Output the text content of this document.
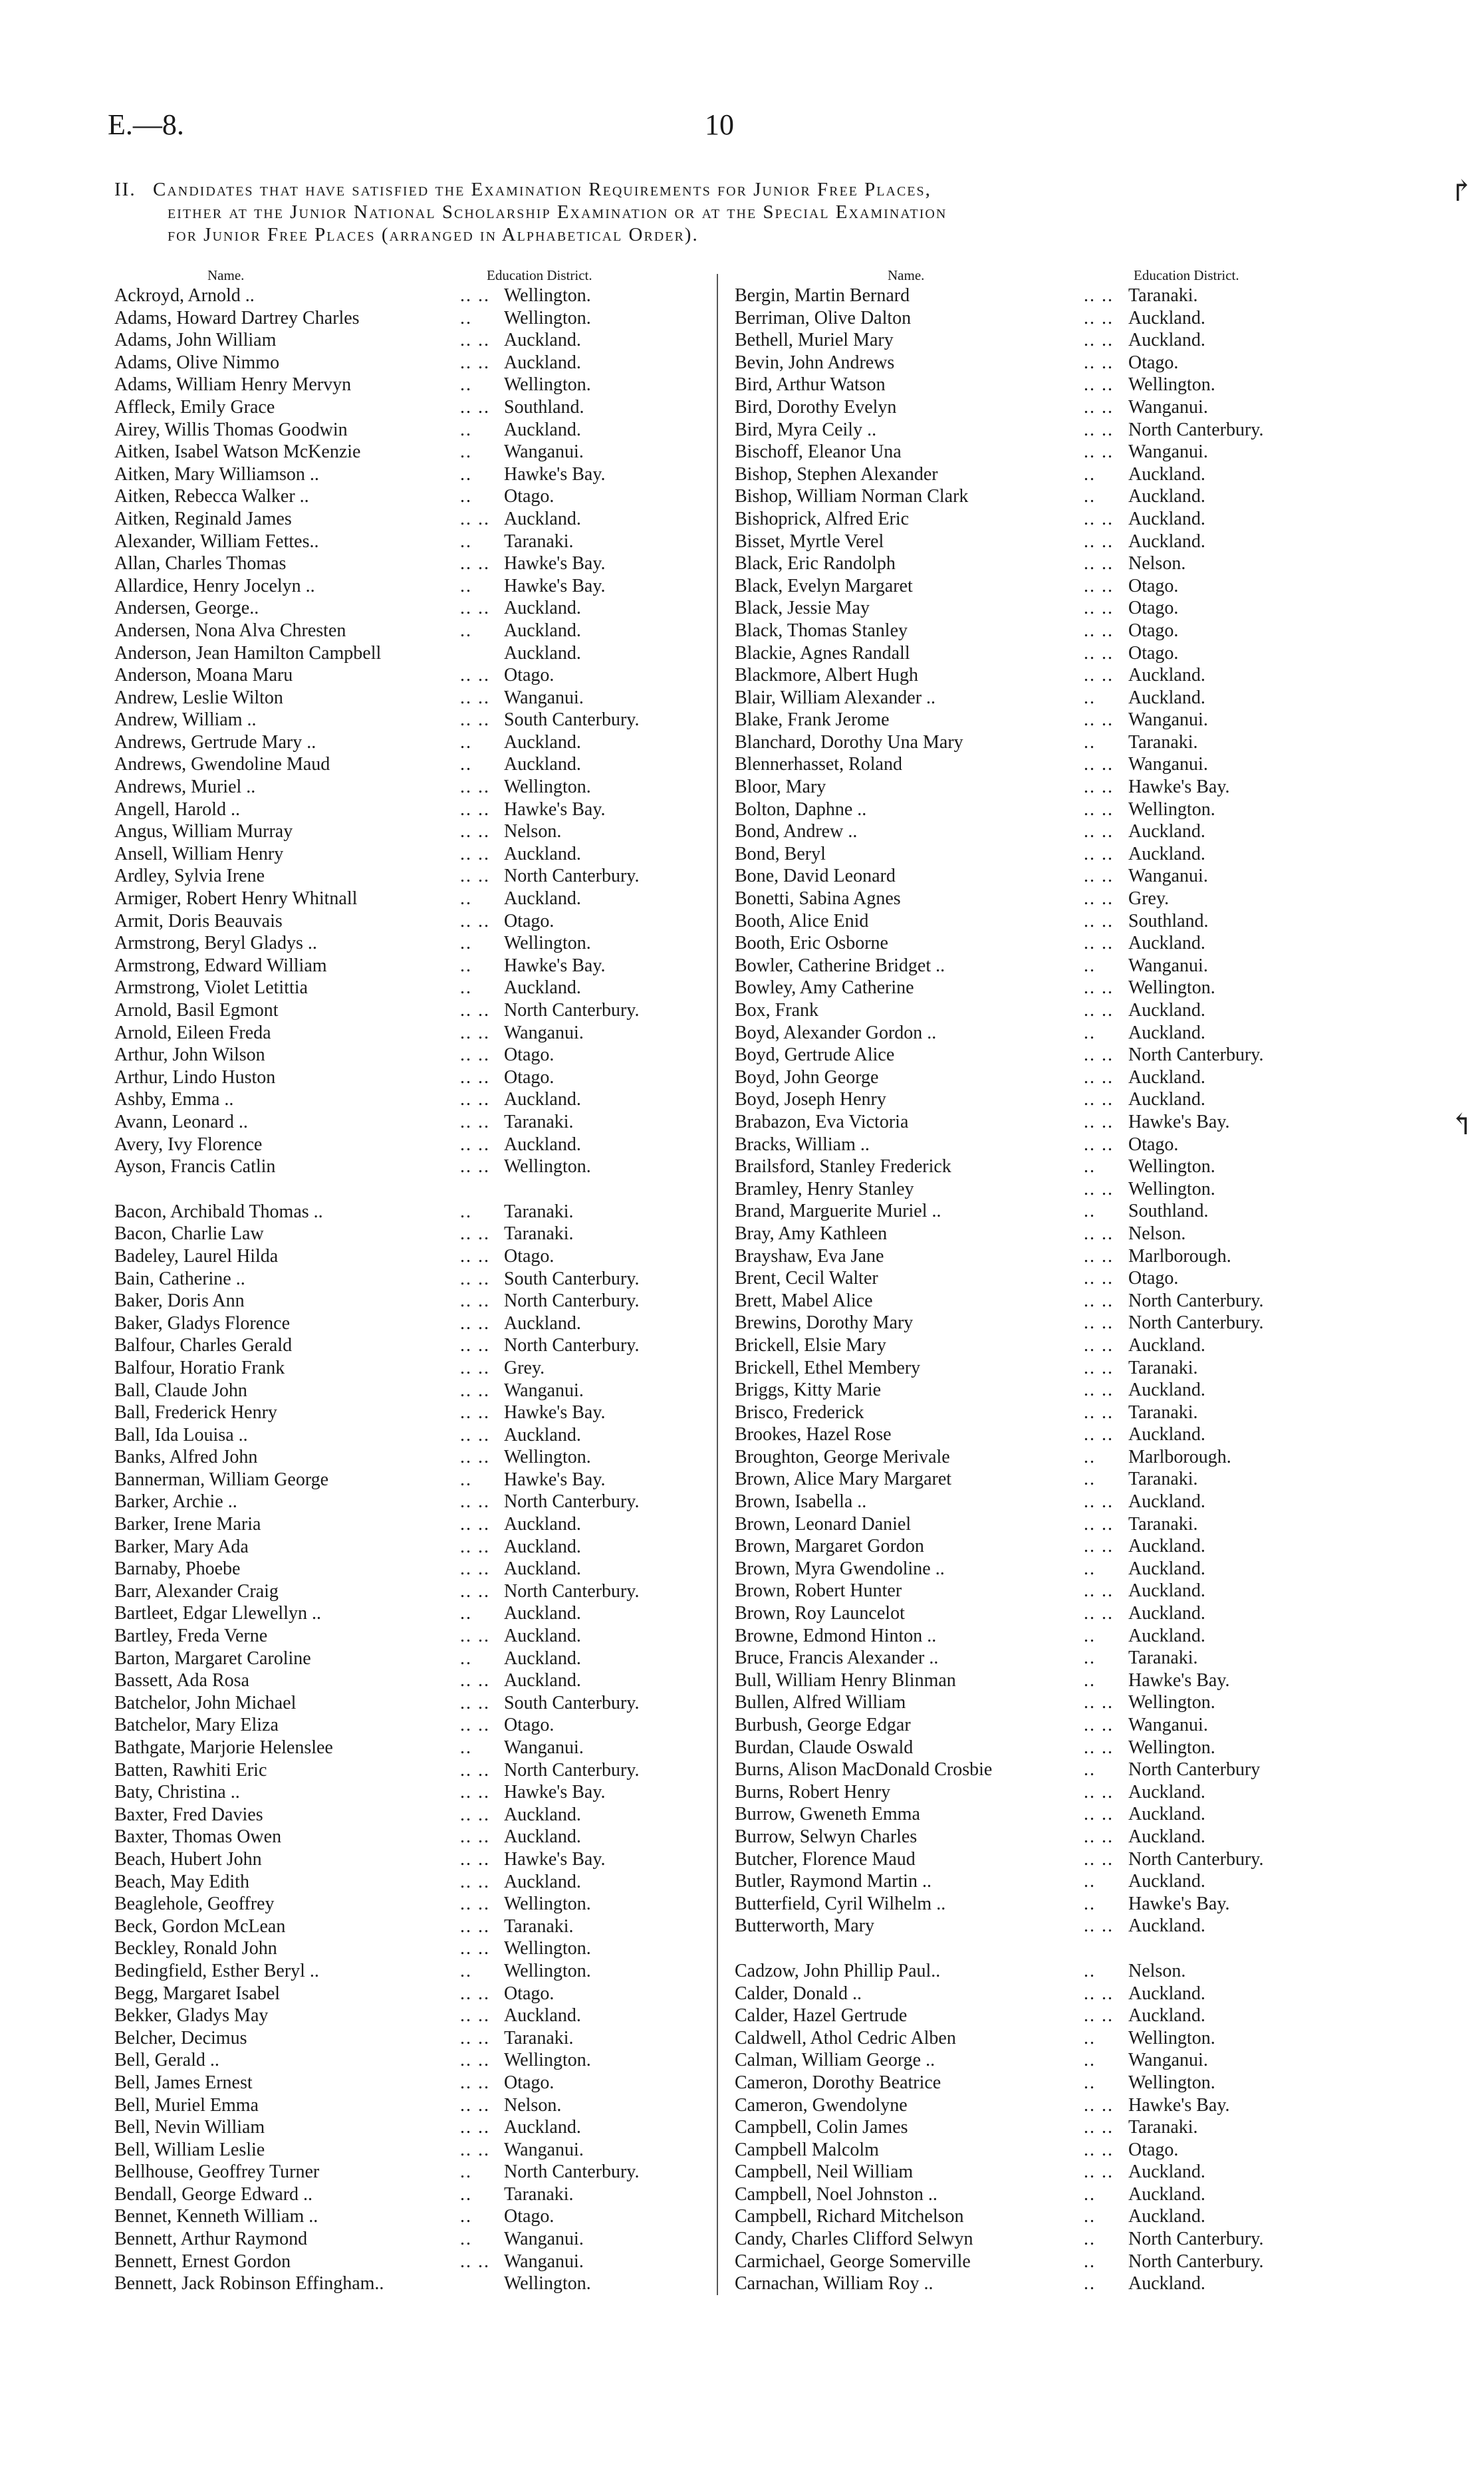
E.—8.	10
II. Candidates that have satisfied the Examination Requirements for Junior Free Places,
either at the Junior National Scholarship Examination or at the Special Examination
for Junior Free Places (arranged in Alphabetical Order).
↱
↰
Name.	Education District.
Ackroyd, Arnold ..	.. .. Wellington.
Adams, Howard Dartrey Charles	.. Wellington.
Adams, John William	.. .. Auckland.
Adams, Olive Nimmo	.. .. Auckland.
Adams, William Henry Mervyn	.. Wellington.
Affleck, Emily Grace	.. .. Southland.
Airey, Willis Thomas Goodwin	.. Auckland.
Aitken, Isabel Watson McKenzie	.. Wanganui.
Aitken, Mary Williamson ..	.. Hawke's Bay.
Aitken, Rebecca Walker ..	.. Otago.
Aitken, Reginald James	.. .. Auckland.
Alexander, William Fettes..	.. Taranaki.
Allan, Charles Thomas	.. .. Hawke's Bay.
Allardice, Henry Jocelyn ..	.. Hawke's Bay.
Andersen, George..	.. .. Auckland.
Andersen, Nona Alva Chresten	.. Auckland.
Anderson, Jean Hamilton Campbell	Auckland.
Anderson, Moana Maru	.. .. Otago.
Andrew, Leslie Wilton	.. .. Wanganui.
Andrew, William ..	.. .. South Canterbury.
Andrews, Gertrude Mary ..	.. Auckland.
Andrews, Gwendoline Maud	.. Auckland.
Andrews, Muriel ..	.. .. Wellington.
Angell, Harold ..	.. .. Hawke's Bay.
Angus, William Murray	.. .. Nelson.
Ansell, William Henry	.. .. Auckland.
Ardley, Sylvia Irene	.. .. North Canterbury.
Armiger, Robert Henry Whitnall	.. Auckland.
Armit, Doris Beauvais	.. .. Otago.
Armstrong, Beryl Gladys ..	.. Wellington.
Armstrong, Edward William	.. Hawke's Bay.
Armstrong, Violet Letittia	.. Auckland.
Arnold, Basil Egmont	.. .. North Canterbury.
Arnold, Eileen Freda	.. .. Wanganui.
Arthur, John Wilson	.. .. Otago.
Arthur, Lindo Huston	.. .. Otago.
Ashby, Emma ..	.. .. Auckland.
Avann, Leonard ..	.. .. Taranaki.
Avery, Ivy Florence	.. .. Auckland.
Ayson, Francis Catlin	.. .. Wellington.
Bacon, Archibald Thomas ..	.. Taranaki.
Bacon, Charlie Law	.. .. Taranaki.
Badeley, Laurel Hilda	.. .. Otago.
Bain, Catherine ..	.. .. South Canterbury.
Baker, Doris Ann	.. .. North Canterbury.
Baker, Gladys Florence	.. .. Auckland.
Balfour, Charles Gerald	.. .. North Canterbury.
Balfour, Horatio Frank	.. .. Grey.
Ball, Claude John	.. .. Wanganui.
Ball, Frederick Henry	.. .. Hawke's Bay.
Ball, Ida Louisa ..	.. .. Auckland.
Banks, Alfred John	.. .. Wellington.
Bannerman, William George	.. Hawke's Bay.
Barker, Archie ..	.. .. North Canterbury.
Barker, Irene Maria	.. .. Auckland.
Barker, Mary Ada	.. .. Auckland.
Barnaby, Phoebe	.. .. Auckland.
Barr, Alexander Craig	.. .. North Canterbury.
Bartleet, Edgar Llewellyn ..	.. Auckland.
Bartley, Freda Verne	.. .. Auckland.
Barton, Margaret Caroline	.. Auckland.
Bassett, Ada Rosa	.. .. Auckland.
Batchelor, John Michael	.. .. South Canterbury.
Batchelor, Mary Eliza	.. .. Otago.
Bathgate, Marjorie Helenslee	.. Wanganui.
Batten, Rawhiti Eric	.. .. North Canterbury.
Baty, Christina ..	.. .. Hawke's Bay.
Baxter, Fred Davies	.. .. Auckland.
Baxter, Thomas Owen	.. .. Auckland.
Beach, Hubert John	.. .. Hawke's Bay.
Beach, May Edith	.. .. Auckland.
Beaglehole, Geoffrey	.. .. Wellington.
Beck, Gordon McLean	.. .. Taranaki.
Beckley, Ronald John	.. .. Wellington.
Bedingfield, Esther Beryl ..	.. Wellington.
Begg, Margaret Isabel	.. .. Otago.
Bekker, Gladys May	.. .. Auckland.
Belcher, Decimus	.. .. Taranaki.
Bell, Gerald ..	.. .. Wellington.
Bell, James Ernest	.. .. Otago.
Bell, Muriel Emma	.. .. Nelson.
Bell, Nevin William	.. .. Auckland.
Bell, William Leslie	.. .. Wanganui.
Bellhouse, Geoffrey Turner	.. North Canterbury.
Bendall, George Edward ..	.. Taranaki.
Bennet, Kenneth William ..	.. Otago.
Bennett, Arthur Raymond	.. Wanganui.
Bennett, Ernest Gordon	.. .. Wanganui.
Bennett, Jack Robinson Effingham..	Wellington.
Name.	Education District.
Bergin, Martin Bernard	.. .. Taranaki.
Berriman, Olive Dalton	.. .. Auckland.
Bethell, Muriel Mary	.. .. Auckland.
Bevin, John Andrews	.. .. Otago.
Bird, Arthur Watson	.. .. Wellington.
Bird, Dorothy Evelyn	.. .. Wanganui.
Bird, Myra Ceily ..	.. .. North Canterbury.
Bischoff, Eleanor Una	.. .. Wanganui.
Bishop, Stephen Alexander	.. Auckland.
Bishop, William Norman Clark	.. Auckland.
Bishoprick, Alfred Eric	.. .. Auckland.
Bisset, Myrtle Verel	.. .. Auckland.
Black, Eric Randolph	.. .. Nelson.
Black, Evelyn Margaret	.. .. Otago.
Black, Jessie May	.. .. Otago.
Black, Thomas Stanley	.. .. Otago.
Blackie, Agnes Randall	.. .. Otago.
Blackmore, Albert Hugh	.. .. Auckland.
Blair, William Alexander ..	.. Auckland.
Blake, Frank Jerome	.. .. Wanganui.
Blanchard, Dorothy Una Mary	.. Taranaki.
Blennerhasset, Roland	.. .. Wanganui.
Bloor, Mary	.. .. Hawke's Bay.
Bolton, Daphne ..	.. .. Wellington.
Bond, Andrew ..	.. .. Auckland.
Bond, Beryl	.. .. Auckland.
Bone, David Leonard	.. .. Wanganui.
Bonetti, Sabina Agnes	.. .. Grey.
Booth, Alice Enid	.. .. Southland.
Booth, Eric Osborne	.. .. Auckland.
Bowler, Catherine Bridget ..	.. Wanganui.
Bowley, Amy Catherine	.. .. Wellington.
Box, Frank	.. .. Auckland.
Boyd, Alexander Gordon ..	.. Auckland.
Boyd, Gertrude Alice	.. .. North Canterbury.
Boyd, John George	.. .. Auckland.
Boyd, Joseph Henry	.. .. Auckland.
Brabazon, Eva Victoria	.. .. Hawke's Bay.
Bracks, William ..	.. .. Otago.
Brailsford, Stanley Frederick	.. Wellington.
Bramley, Henry Stanley	.. .. Wellington.
Brand, Marguerite Muriel ..	.. Southland.
Bray, Amy Kathleen	.. .. Nelson.
Brayshaw, Eva Jane	.. .. Marlborough.
Brent, Cecil Walter	.. .. Otago.
Brett, Mabel Alice	.. .. North Canterbury.
Brewins, Dorothy Mary	.. .. North Canterbury.
Brickell, Elsie Mary	.. .. Auckland.
Brickell, Ethel Membery	.. .. Taranaki.
Briggs, Kitty Marie	.. .. Auckland.
Brisco, Frederick	.. .. Taranaki.
Brookes, Hazel Rose	.. .. Auckland.
Broughton, George Merivale	.. Marlborough.
Brown, Alice Mary Margaret	.. Taranaki.
Brown, Isabella ..	.. .. Auckland.
Brown, Leonard Daniel	.. .. Taranaki.
Brown, Margaret Gordon	.. .. Auckland.
Brown, Myra Gwendoline ..	.. Auckland.
Brown, Robert Hunter	.. .. Auckland.
Brown, Roy Launcelot	.. .. Auckland.
Browne, Edmond Hinton ..	.. Auckland.
Bruce, Francis Alexander ..	.. Taranaki.
Bull, William Henry Blinman	.. Hawke's Bay.
Bullen, Alfred William	.. .. Wellington.
Burbush, George Edgar	.. .. Wanganui.
Burdan, Claude Oswald	.. .. Wellington.
Burns, Alison MacDonald Crosbie	.. North Canterbury
Burns, Robert Henry	.. .. Auckland.
Burrow, Gweneth Emma	.. .. Auckland.
Burrow, Selwyn Charles	.. .. Auckland.
Butcher, Florence Maud	.. .. North Canterbury.
Butler, Raymond Martin ..	.. Auckland.
Butterfield, Cyril Wilhelm ..	.. Hawke's Bay.
Butterworth, Mary	.. .. Auckland.
Cadzow, John Phillip Paul..	.. Nelson.
Calder, Donald ..	.. .. Auckland.
Calder, Hazel Gertrude	.. .. Auckland.
Caldwell, Athol Cedric Alben	.. Wellington.
Calman, William George ..	.. Wanganui.
Cameron, Dorothy Beatrice	.. Wellington.
Cameron, Gwendolyne	.. .. Hawke's Bay.
Campbell, Colin James	.. .. Taranaki.
Campbell Malcolm	.. .. Otago.
Campbell, Neil William	.. .. Auckland.
Campbell, Noel Johnston ..	.. Auckland.
Campbell, Richard Mitchelson	.. Auckland.
Candy, Charles Clifford Selwyn	.. North Canterbury.
Carmichael, George Somerville	.. North Canterbury.
Carnachan, William Roy ..	.. Auckland.
